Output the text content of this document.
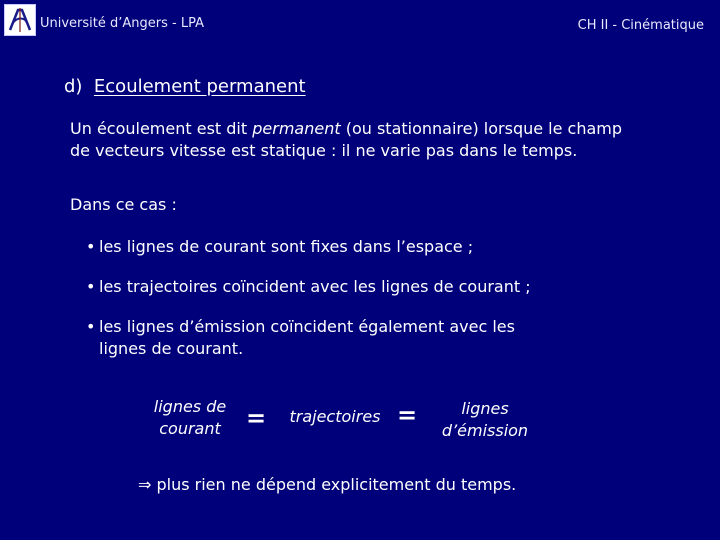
Université d’Angers - LPA	CH II - Cinématique
d) Ecoulement permanent
Un écoulement est dit permanent (ou stationnaire) lorsque le champ
de vecteurs vitesse est statique : il ne varie pas dans le temps.
Dans ce cas :
• les lignes de courant sont fixes dans l’espace ;
• les trajectoires coïncident avec les lignes de courant ;
• les lignes d’émission coïncident également avec les
lignes de courant.
lignes de
courant	=	trajectoires =	lignes
d’émission
⇒ plus rien ne dépend explicitement du temps.
